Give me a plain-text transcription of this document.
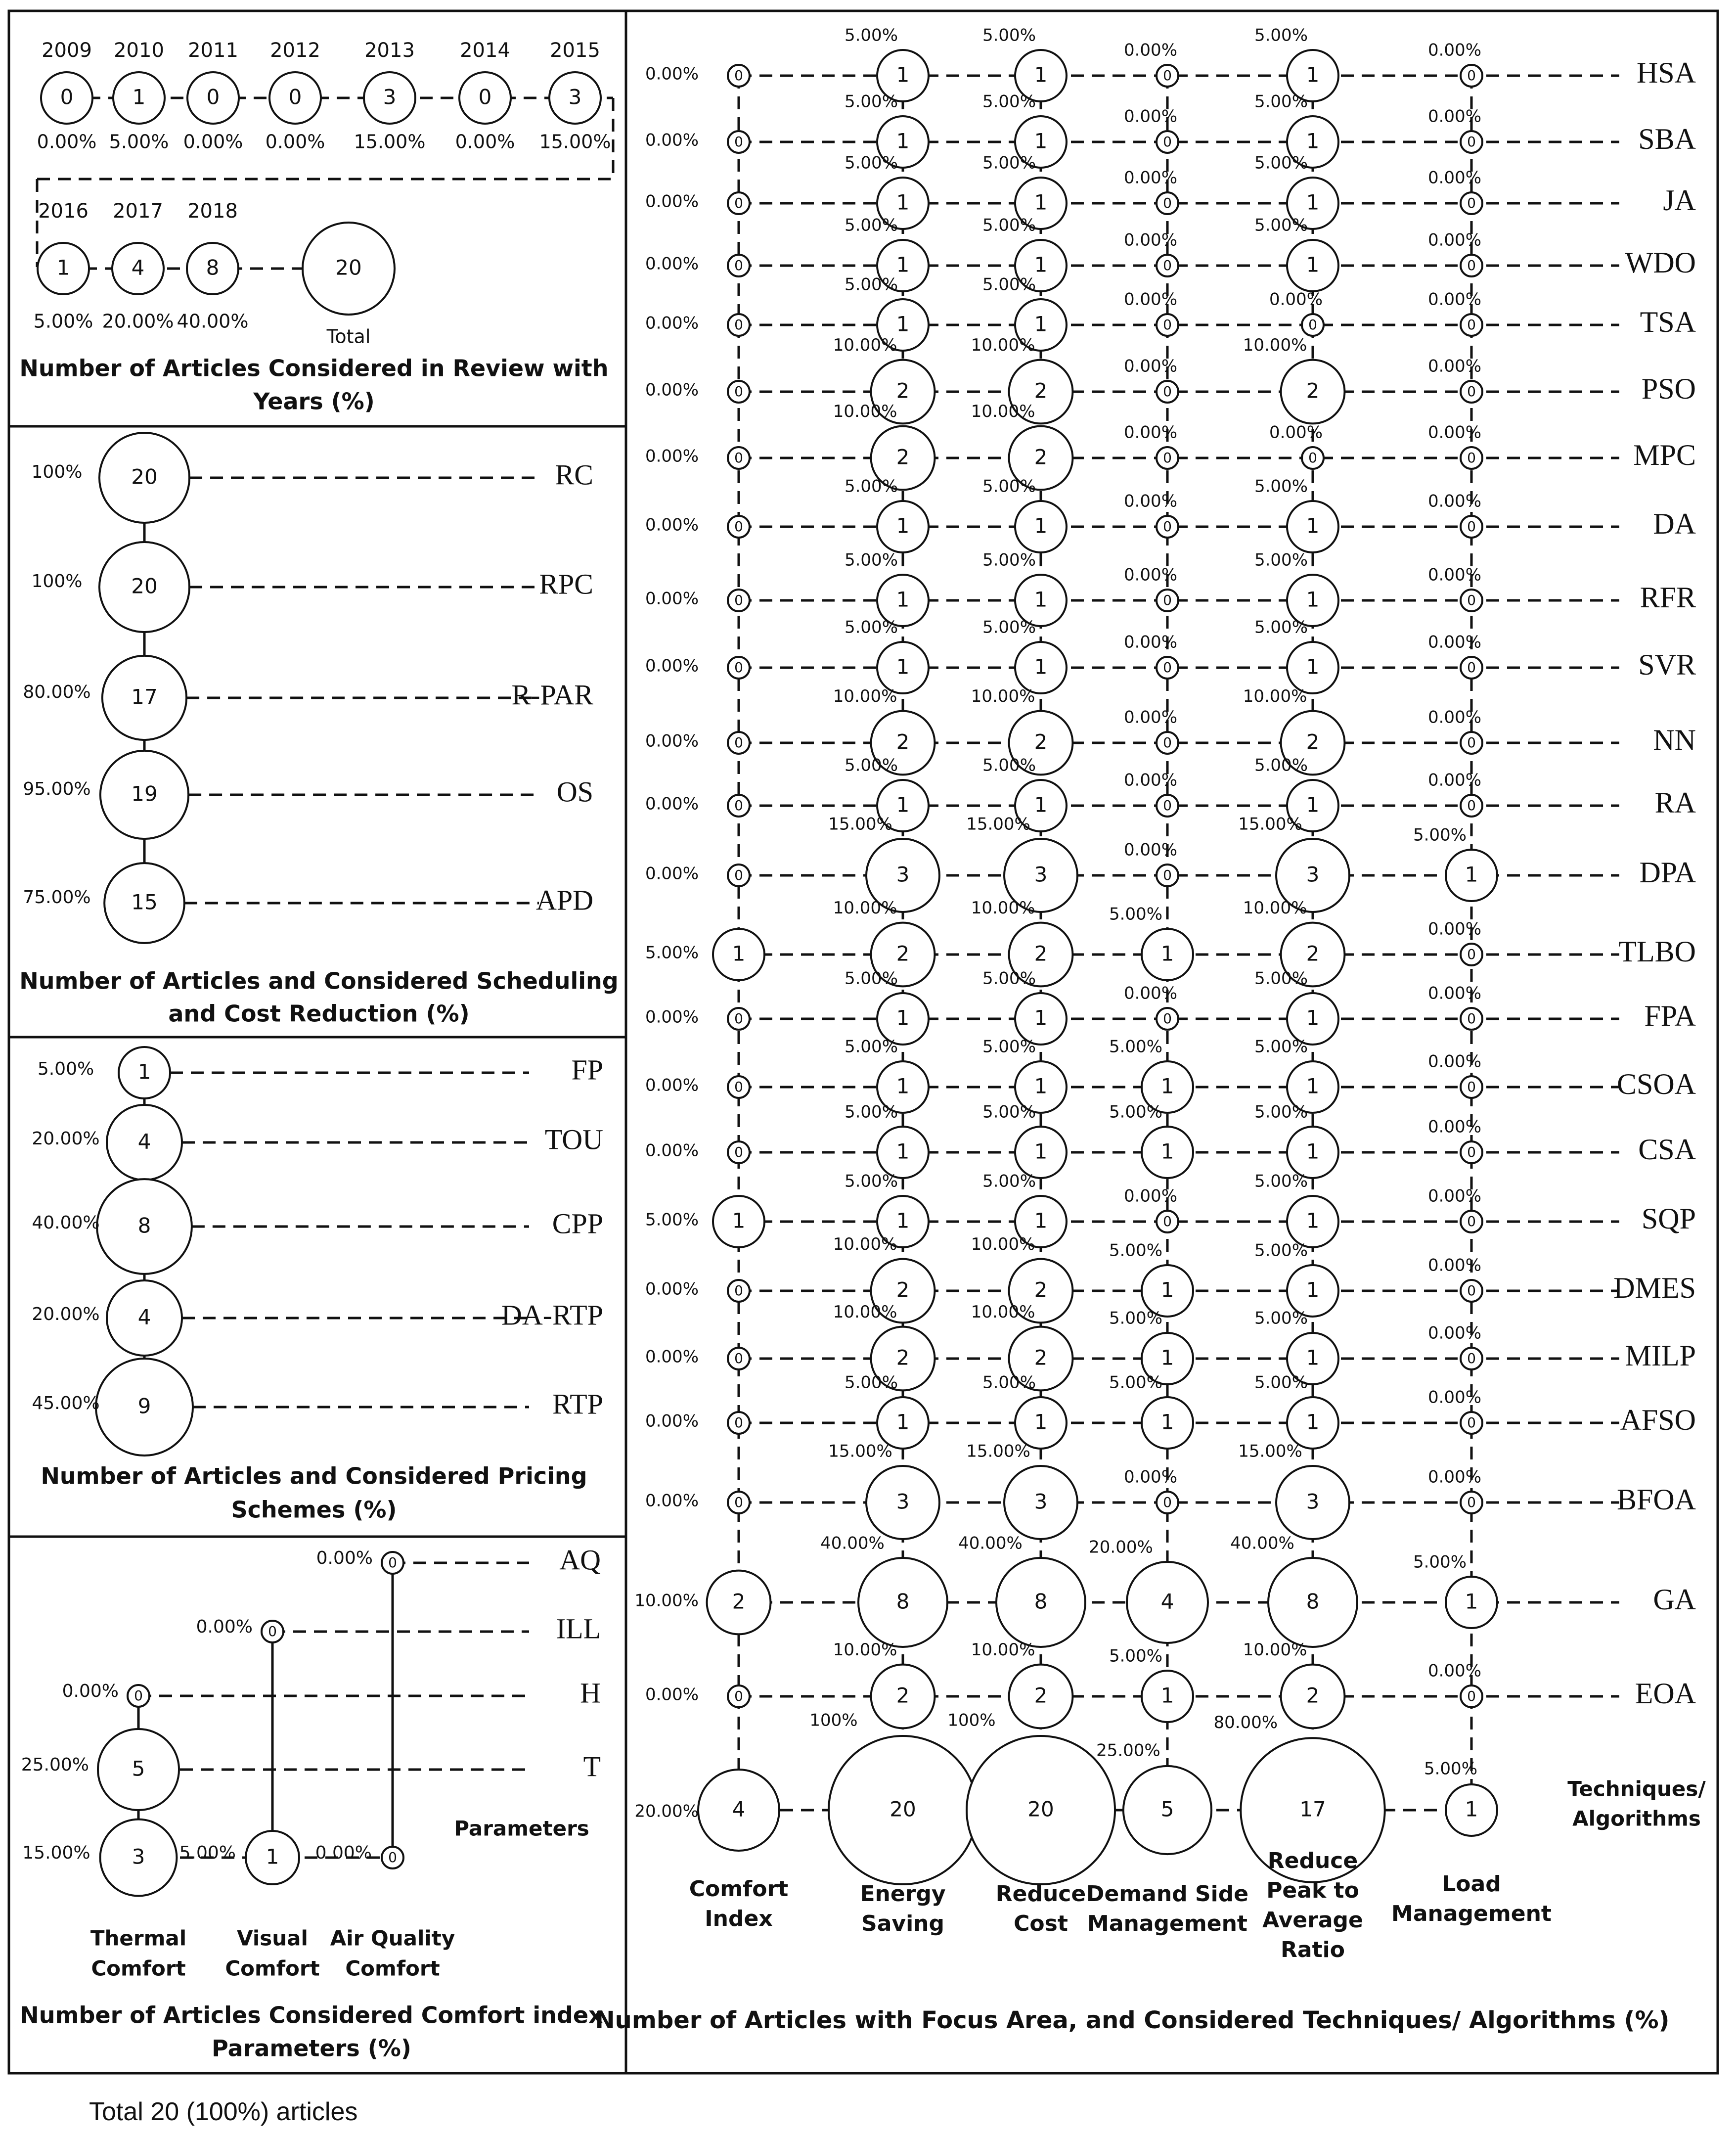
2009
0
0.00%
2010
1
5.00%
2011
0
0.00%
2012
0
0.00%
2013
3
15.00%
2014
0
0.00%
2015
3
15.00%
2016
1
5.00%
2017
4
20.00%
2018
8
40.00%
20
Total
Number of Articles Considered in Review with
Years (%)
20
100%	RC
20
100%	RPC
17
80.00%	R-PAR
19
95.00%	OS
15
75.00%	APD
Number of Articles and Considered Scheduling
and Cost Reduction (%)
1
5.00%	FP
4
20.00%	TOU
8
40.00%	CPP
4
20.00%	DA-RTP
9
45.00%	RTP
Number of Articles and Considered Pricing
Schemes (%)
0
0.00%	AQ
0
0.00%	ILL
0
0.00%	H
5
25.00%	T
3
15.00%
Thermal
Comfort
1
5.00%
Visual
Comfort
0
0.00%
Air Quality
Comfort
Parameters
Number of Articles Considered Comfort index
Parameters (%)
0
0.00%	1
5.00%
1
5.00%
0
0.00%
1
5.00%
0
0.00%
HSA
0
0.00%	1
5.00%
1
5.00%
0
0.00%
1
5.00%
0
0.00%
SBA
0
0.00%	1
5.00%
1
5.00%
0
0.00%
1
5.00%
0
0.00%
JA
0
0.00%	1
5.00%
1
5.00%
0
0.00%
1
5.00%
0
0.00%
WDO
0
0.00%	1
5.00%
1
5.00%
0
0.00%
0
0.00%
0
0.00%
TSA
0
0.00%	2
10.00%
2
10.00%
0
0.00%
2
10.00%
0
0.00%
PSO
0
0.00%	2
10.00%
2
10.00%
0
0.00%
0
0.00%
0
0.00%
MPC
0
0.00%	1
5.00%
1
5.00%
0
0.00%
1
5.00%
0
0.00%
DA
0
0.00%	1
5.00%
1
5.00%
0
0.00%
1
5.00%
0
0.00%
RFR
0
0.00%	1
5.00%
1
5.00%
0
0.00%
1
5.00%
0
0.00%
SVR
0
0.00%	2
10.00%
2
10.00%
0
0.00%
2
10.00%
0
0.00%
NN
0
0.00%	1
5.00%
1
5.00%
0
0.00%
1
5.00%
0
0.00%
RA
0
0.00%	3
15.00%
3
15.00%
0
0.00%
3
15.00%
1
5.00%
DPA
1
5.00%	2
10.00%
2
10.00%
1
5.00%
2
10.00%
0
0.00%
TLBO
0
0.00%	1
5.00%
1
5.00%
0
0.00%
1
5.00%
0
0.00%
FPA
0
0.00%	1
5.00%
1
5.00%
1
5.00%
1
5.00%
0
0.00%
CSOA
0
0.00%	1
5.00%
1
5.00%
1
5.00%
1
5.00%
0
0.00%
CSA
1
5.00%	1
5.00%
1
5.00%
0
0.00%
1
5.00%
0
0.00%
SQP
0
0.00%	2
10.00%
2
10.00%
1
5.00%
1
5.00%
0
0.00%
DMES
0
0.00%	2
10.00%
2
10.00%
1
5.00%
1
5.00%
0
0.00%
MILP
0
0.00%	1
5.00%
1
5.00%
1
5.00%
1
5.00%
0
0.00%
AFSO
0
0.00%	3
15.00%
3
15.00%
0
0.00%
3
15.00%
0
0.00%
BFOA
2
10.00%	8
40.00%
8
40.00%
4
20.00%
8
40.00%
1
5.00%
GA
0
0.00%	2
10.00%
2
10.00%
1
5.00%
2
10.00%
0
0.00%
EOA
4
20.00%	20
100%
20
100%
5
25.00%
17
80.00%
1
5.00%
Techniques/
Algorithms
Comfort
Index
Energy
Saving
Reduce
Cost
Demand Side
Management
Reduce
Peak to
Average
Ratio
Load
Management
Number of Articles with Focus Area, and Considered Techniques/ Algorithms (%)
Total 20 (100%) articles
